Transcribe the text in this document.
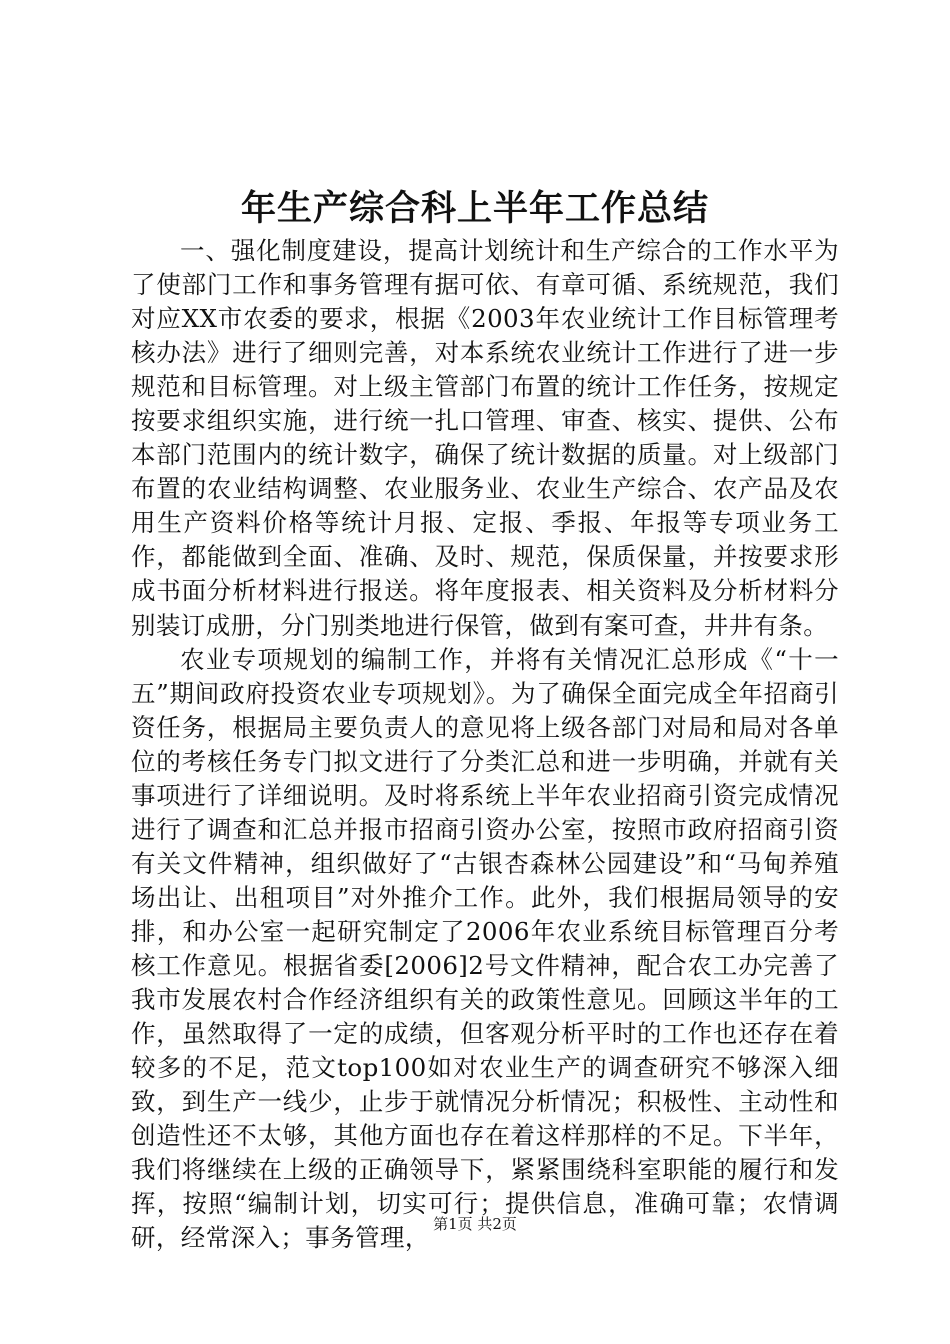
年生产综合科上半年工作总结

一、强化制度建设，提高计划统计和生产综合的工作水平为了使部门工作和事务管理有据可依、有章可循、系统规范，我们对应XX市农委的要求，根据《2003年农业统计工作目标管理考核办法》进行了细则完善，对本系统农业统计工作进行了进一步规范和目标管理。对上级主管部门布置的统计工作任务，按规定按要求组织实施，进行统一扎口管理、审查、核实、提供、公布本部门范围内的统计数字，确保了统计数据的质量。对上级部门布置的农业结构调整、农业服务业、农业生产综合、农产品及农用生产资料价格等统计月报、定报、季报、年报等专项业务工作，都能做到全面、准确、及时、规范，保质保量，并按要求形成书面分析材料进行报送。将年度报表、相关资料及分析材料分别装订成册，分门别类地进行保管，做到有案可查，井井有条。

农业专项规划的编制工作，并将有关情况汇总形成《“十一五”期间政府投资农业专项规划》。为了确保全面完成全年招商引资任务，根据局主要负责人的意见将上级各部门对局和局对各单位的考核任务专门拟文进行了分类汇总和进一步明确，并就有关事项进行了详细说明。及时将系统上半年农业招商引资完成情况进行了调查和汇总并报市招商引资办公室，按照市政府招商引资有关文件精神，组织做好了“古银杏森林公园建设”和“马甸养殖场出让、出租项目”对外推介工作。此外，我们根据局领导的安排，和办公室一起研究制定了2006年农业系统目标管理百分考核工作意见。根据省委[2006]2号文件精神，配合农工办完善了我市发展农村合作经济组织有关的政策性意见。回顾这半年的工作，虽然取得了一定的成绩，但客观分析平时的工作也还存在着较多的不足，范文top100如对农业生产的调查研究不够深入细致，到生产一线少，止步于就情况分析情况；积极性、主动性和创造性还不太够，其他方面也存在着这样那样的不足。下半年，我们将继续在上级的正确领导下，紧紧围绕科室职能的履行和发挥，按照“编制计划，切实可行；提供信息，准确可靠；农情调研，经常深入；事务管理， 第1页 共2页
